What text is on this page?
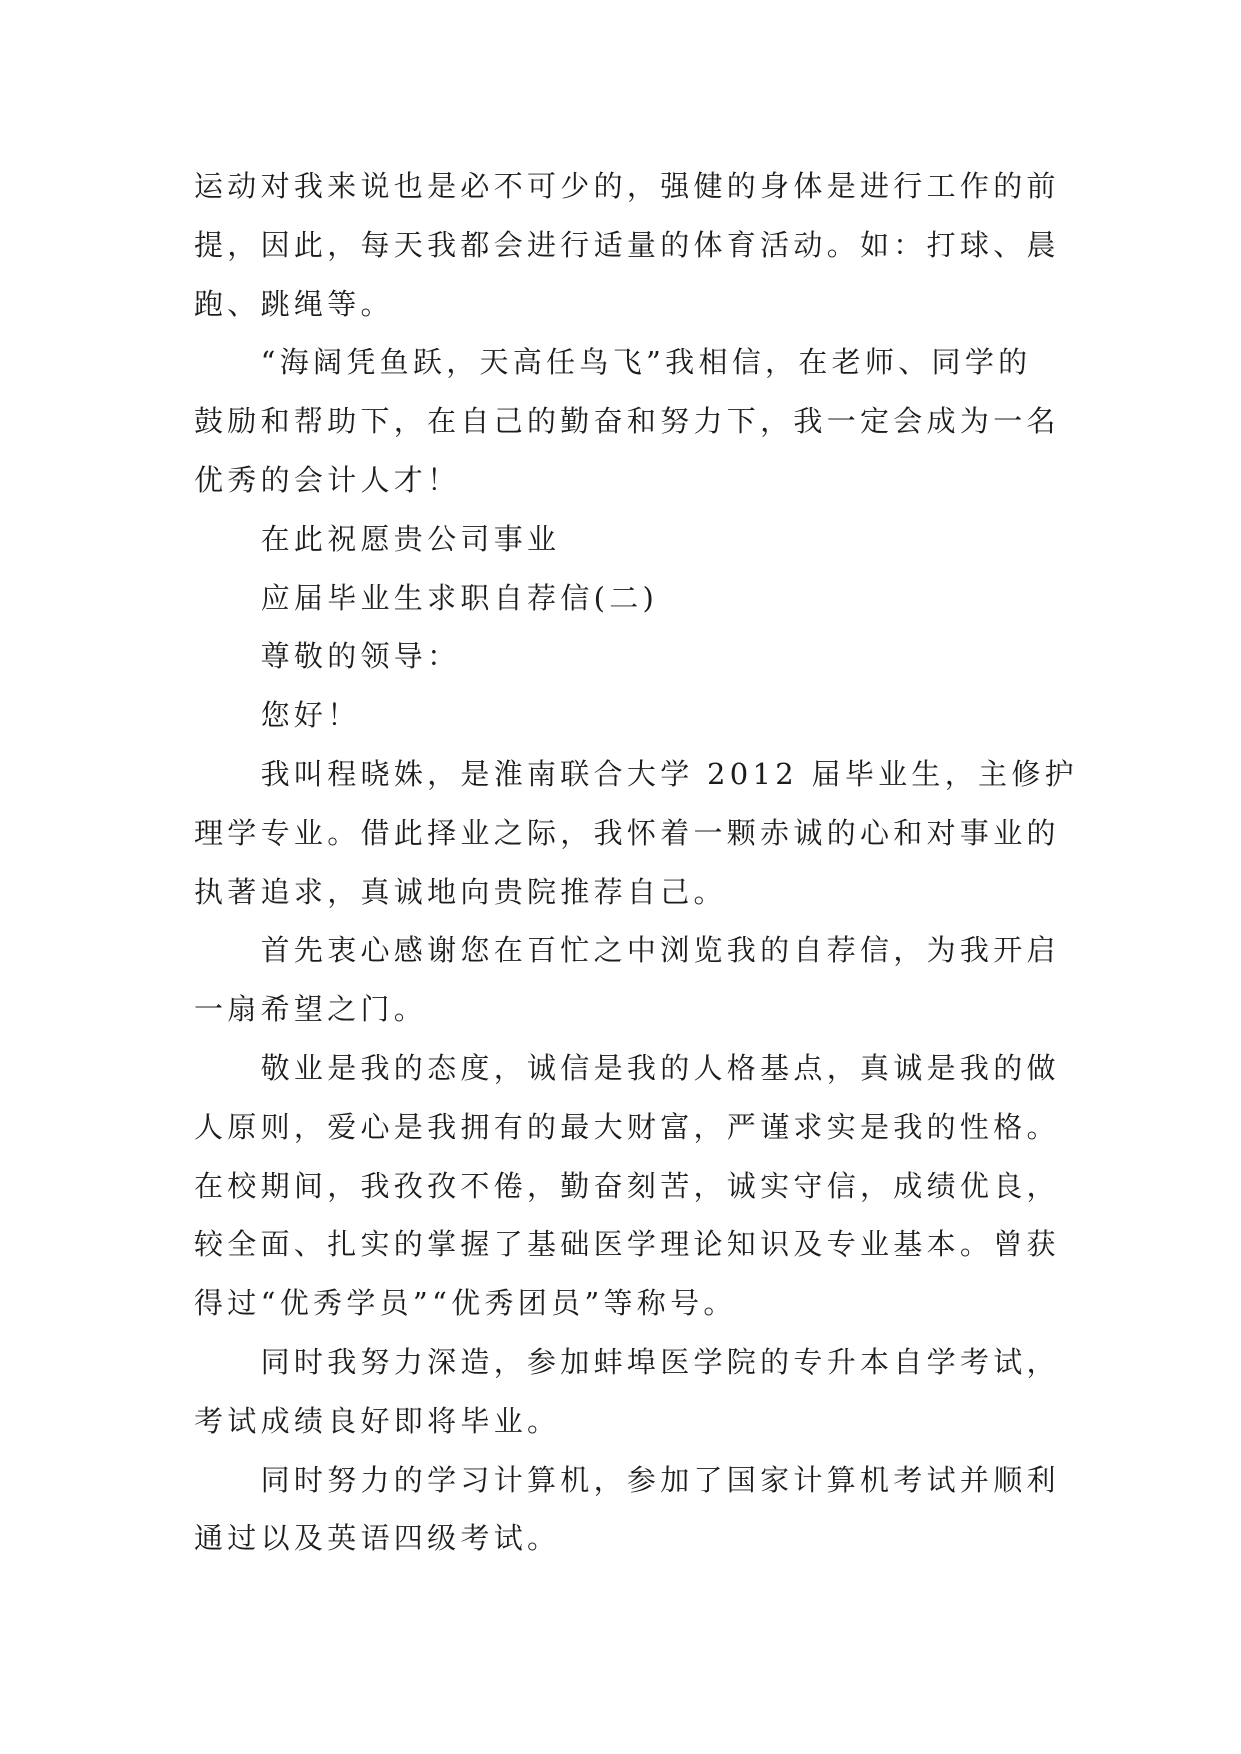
运动对我来说也是必不可少的，强健的身体是进行工作的前
提，因此，每天我都会进行适量的体育活动。如：打球、晨
跑、跳绳等。
“海阔凭鱼跃，天高任鸟飞”我相信，在老师、同学的
鼓励和帮助下，在自己的勤奋和努力下，我一定会成为一名
优秀的会计人才！
在此祝愿贵公司事业
应届毕业生求职自荐信(二)
尊敬的领导：
您好！
我叫程晓姝，是淮南联合大学 2012 届毕业生，主修护
理学专业。借此择业之际，我怀着一颗赤诚的心和对事业的
执著追求，真诚地向贵院推荐自己。
首先衷心感谢您在百忙之中浏览我的自荐信，为我开启
一扇希望之门。
敬业是我的态度，诚信是我的人格基点，真诚是我的做
人原则，爱心是我拥有的最大财富，严谨求实是我的性格。
在校期间，我孜孜不倦，勤奋刻苦，诚实守信，成绩优良，
较全面、扎实的掌握了基础医学理论知识及专业基本。曾获
得过“优秀学员”“优秀团员”等称号。
同时我努力深造，参加蚌埠医学院的专升本自学考试，
考试成绩良好即将毕业。
同时努力的学习计算机，参加了国家计算机考试并顺利
通过以及英语四级考试。
